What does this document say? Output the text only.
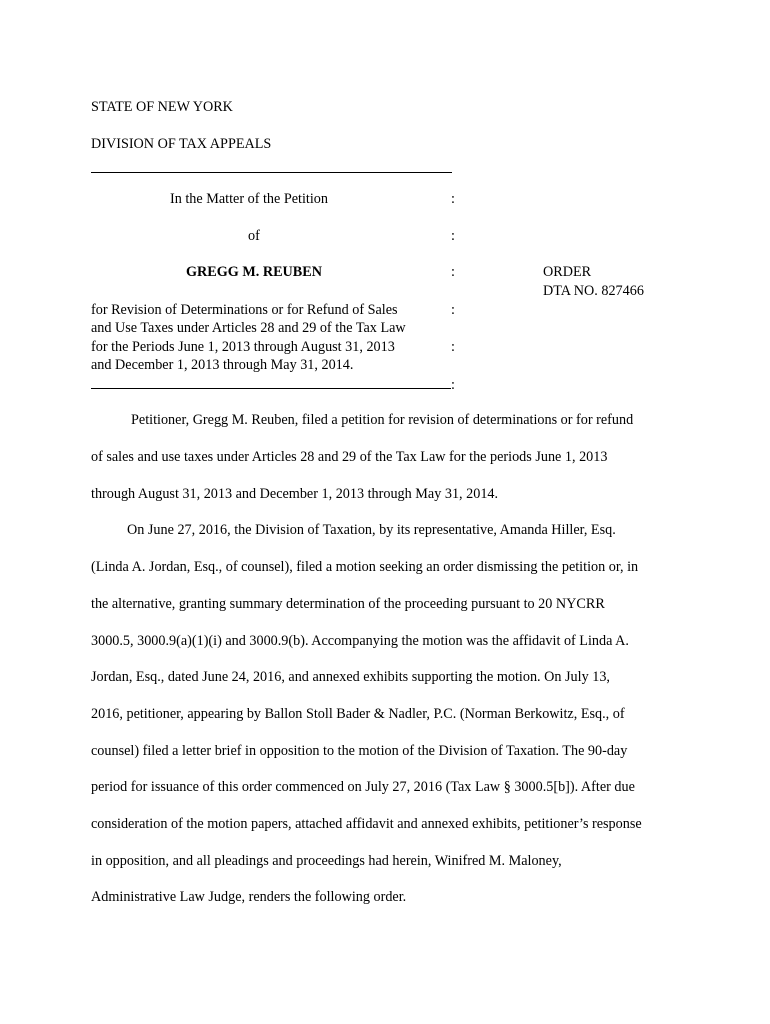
STATE OF NEW YORK
DIVISION OF TAX APPEALS
In the Matter of the Petition	:
of	:
GREGG M. REUBEN	:	ORDER
DTA NO. 827466
for Revision of Determinations or for Refund of Sales	:
and Use Taxes under Articles 28 and 29 of the Tax Law
for the Periods June 1, 2013 through August 31, 2013	:
and December 1, 2013 through May 31, 2014.
:
Petitioner, Gregg M. Reuben, filed a petition for revision of determinations or for refund
of sales and use taxes under Articles 28 and 29 of the Tax Law for the periods June 1, 2013
through August 31, 2013 and December 1, 2013 through May 31, 2014.
On June 27, 2016, the Division of Taxation, by its representative, Amanda Hiller, Esq.
(Linda A. Jordan, Esq., of counsel), filed a motion seeking an order dismissing the petition or, in
the alternative, granting summary determination of the proceeding pursuant to 20 NYCRR
3000.5, 3000.9(a)(1)(i) and 3000.9(b). Accompanying the motion was the affidavit of Linda A.
Jordan, Esq., dated June 24, 2016, and annexed exhibits supporting the motion. On July 13,
2016, petitioner, appearing by Ballon Stoll Bader & Nadler, P.C. (Norman Berkowitz, Esq., of
counsel) filed a letter brief in opposition to the motion of the Division of Taxation. The 90-day
period for issuance of this order commenced on July 27, 2016 (Tax Law § 3000.5[b]). After due
consideration of the motion papers, attached affidavit and annexed exhibits, petitioner’s response
in opposition, and all pleadings and proceedings had herein, Winifred M. Maloney,
Administrative Law Judge, renders the following order.
